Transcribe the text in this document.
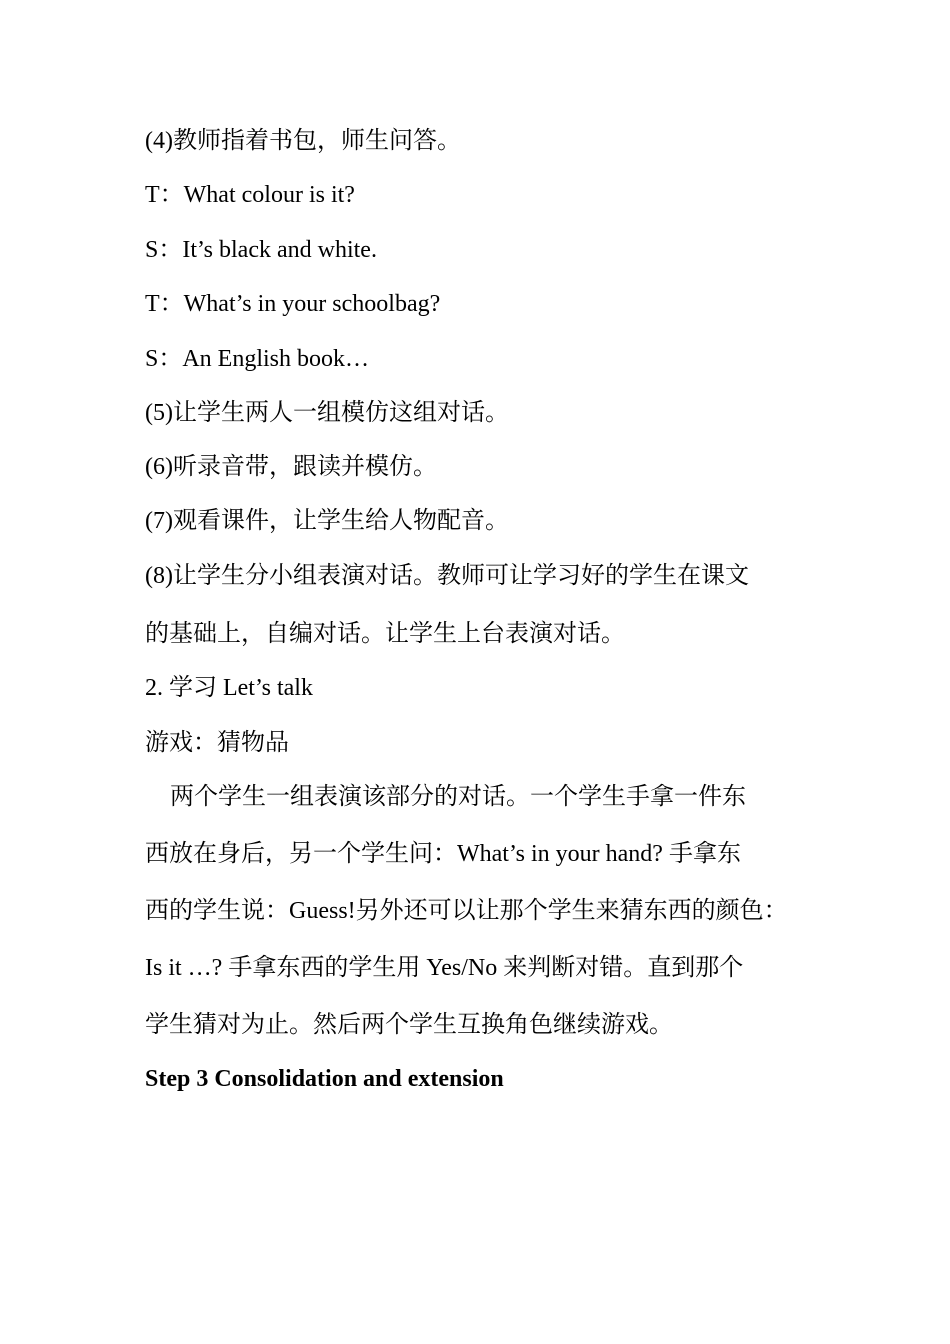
(4)教师指着书包，师生问答。
T：What colour is it?
S：It’s black and white.
T：What’s in your schoolbag?
S：An English book…
(5)让学生两人一组模仿这组对话。
(6)听录音带，跟读并模仿。
(7)观看课件，让学生给人物配音。
(8)让学生分小组表演对话。教师可让学习好的学生在课文
的基础上，自编对话。让学生上台表演对话。
2. 学习 Let’s talk
游戏：猜物品
两个学生一组表演该部分的对话。一个学生手拿一件东
西放在身后，另一个学生问：What’s in your hand? 手拿东
西的学生说：Guess!另外还可以让那个学生来猜东西的颜色：
Is it …? 手拿东西的学生用 Yes/No 来判断对错。直到那个
学生猜对为止。然后两个学生互换角色继续游戏。
Step 3 Consolidation and extension
